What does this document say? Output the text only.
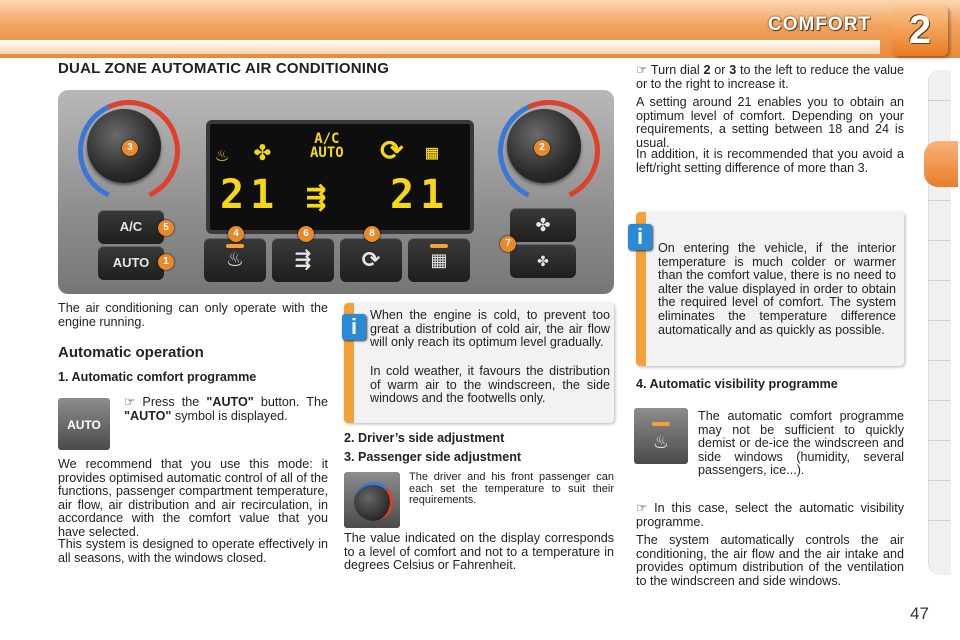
COMFORT 2
DUAL ZONE AUTOMATIC AIR CONDITIONING
3	2
♨ ✤	A/C
AUTO ⟳ ▦
21 ⇶ 21
A/C
AUTO
5
1	♨	⇶	⟳	▦
4	6	8	✤
✤
7

The air conditioning can only operate with the engine running.

Automatic operation
1. Automatic comfort programme
AUTO

☞ Press the "AUTO" button. The "AUTO" symbol is displayed.

We recommend that you use this mode: it provides optimised automatic control of all of the functions, passenger compartment temperature, air flow, air distribution and air recirculation, in accordance with the comfort value that you have selected.

This system is designed to operate effectively in all seasons, with the windows closed.

When the engine is cold, to prevent too great a distribution of cold air, the air flow will only reach its optimum level gradually.

In cold weather, it favours the distribution of warm air to the windscreen, the side windows and the footwells only.

i
2. Driver’s side adjustment
3. Passenger side adjustment

The driver and his front passenger can each set the temperature to suit their requirements.

The value indicated on the display corresponds to a level of comfort and not to a temperature in degrees Celsius or Fahrenheit.

☞ Turn dial 2 or 3 to the left to reduce the value or to the right to increase it.

A setting around 21 enables you to obtain an optimum level of comfort. Depending on your requirements, a setting between 18 and 24 is usual.

In addition, it is recommended that you avoid a left/right setting difference of more than 3.

On entering the vehicle, if the interior temperature is much colder or warmer than the comfort value, there is no need to alter the value displayed in order to obtain the required level of comfort. The system eliminates the temperature difference automatically and as quickly as possible.

i
4. Automatic visibility programme
♨

The automatic comfort programme may not be sufficient to quickly demist or de-ice the windscreen and side windows (humidity, several passengers, ice...).

☞ In this case, select the automatic visibility programme.

The system automatically controls the air conditioning, the air flow and the air intake and provides optimum distribution of the ventilation to the windscreen and side windows.

47
